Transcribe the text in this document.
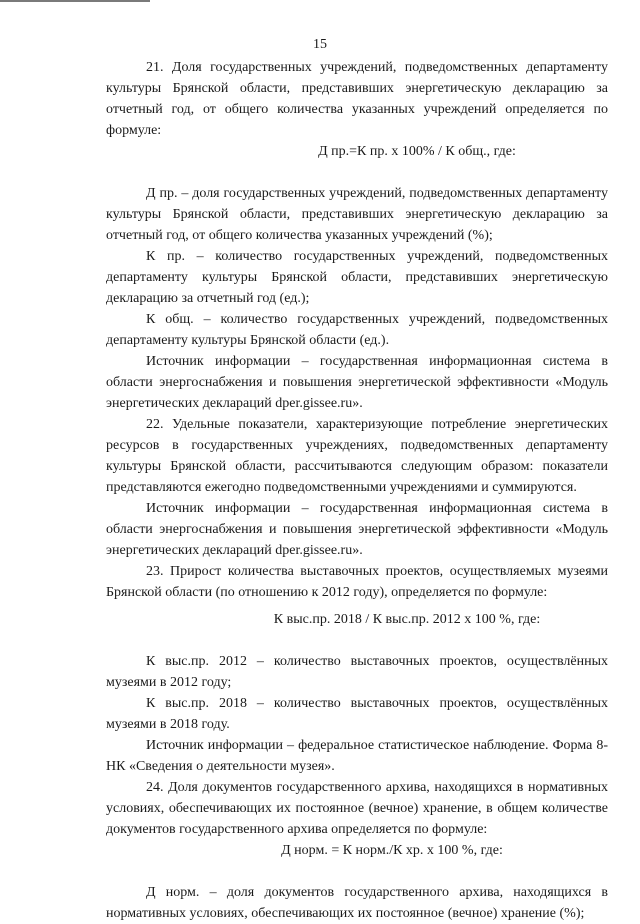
15

21. Доля государственных учреждений, подведомственных департаменту культуры Брянской области, представивших энергетическую декларацию за отчетный год, от общего количества указанных учреждений определяется по формуле:

Д пр.=К пр. х 100% / К общ., где:

Д пр. – доля государственных учреждений, подведомственных департаменту культуры Брянской области, представивших энергетическую декларацию за отчетный год, от общего количества указанных учреждений (%);

К пр. – количество государственных учреждений, подведомственных департаменту культуры Брянской области, представивших энергетическую декларацию за отчетный год (ед.);

К общ. – количество государственных учреждений, подведомственных департаменту культуры Брянской области (ед.).

Источник информации – государственная информационная система в области энергоснабжения и повышения энергетической эффективности «Модуль энергетических деклараций dper.gissee.ru».

22. Удельные показатели, характеризующие потребление энергетических ресурсов в государственных учреждениях, подведомственных департаменту культуры Брянской области, рассчитываются следующим образом: показатели представляются ежегодно подведомственными учреждениями и суммируются.

Источник информации – государственная информационная система в области энергоснабжения и повышения энергетической эффективности «Модуль энергетических деклараций dper.gissee.ru».

23. Прирост количества выставочных проектов, осуществляемых музеями Брянской области (по отношению к 2012 году), определяется по формуле:

К выс.пр. 2018 / К выс.пр. 2012 х 100 %, где:

К выс.пр. 2012 – количество выставочных проектов, осуществлённых музеями в 2012 году;

К выс.пр. 2018 – количество выставочных проектов, осуществлённых музеями в 2018 году.

Источник информации – федеральное статистическое наблюдение. Форма 8-НК «Сведения о деятельности музея».

24. Доля документов государственного архива, находящихся в нормативных условиях, обеспечивающих их постоянное (вечное) хранение, в общем количестве документов государственного архива определяется по формуле:

Д норм. = К норм./К хр. х 100 %, где:

Д норм. – доля документов государственного архива, находящихся в нормативных условиях, обеспечивающих их постоянное (вечное) хранение (%);
